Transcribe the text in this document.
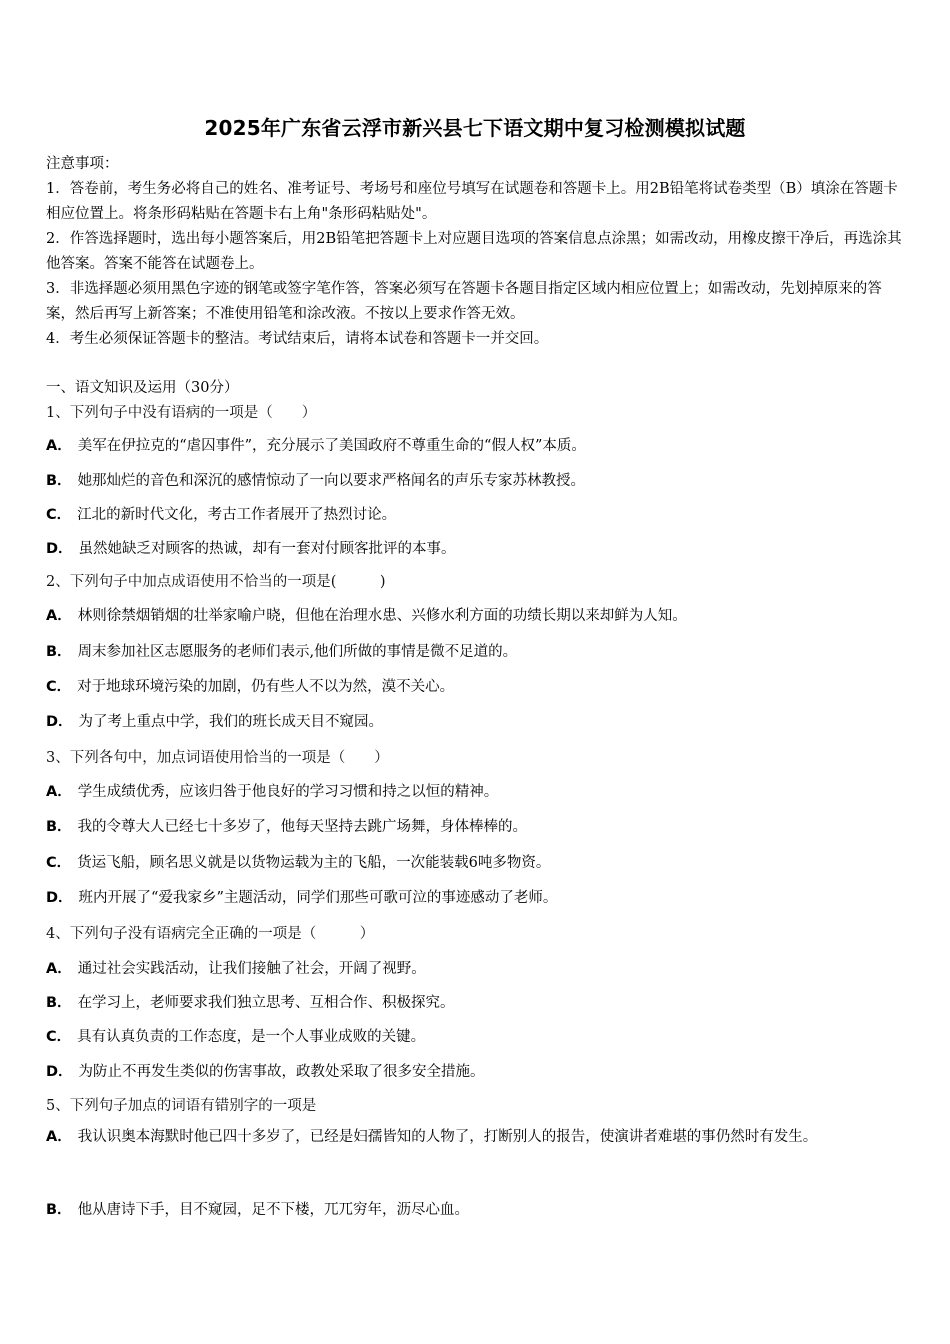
2025年广东省云浮市新兴县七下语文期中复习检测模拟试题

注意事项：

1．答卷前，考生务必将自己的姓名、准考证号、考场号和座位号填写在试题卷和答题卡上。用2B铅笔将试卷类型（B）填涂在答题卡相应位置上。将条形码粘贴在答题卡右上角"条形码粘贴处"。

2．作答选择题时，选出每小题答案后，用2B铅笔把答题卡上对应题目选项的答案信息点涂黑；如需改动，用橡皮擦干净后，再选涂其他答案。答案不能答在试题卷上。

3．非选择题必须用黑色字迹的钢笔或签字笔作答，答案必须写在答题卡各题目指定区域内相应位置上；如需改动，先划掉原来的答案，然后再写上新答案；不准使用铅笔和涂改液。不按以上要求作答无效。

4．考生必须保证答题卡的整洁。考试结束后，请将本试卷和答题卡一并交回。

一、语文知识及运用（30分）
1、下列句子中没有语病的一项是（　　）
A． 美军在伊拉克的“虐囚事件”，充分展示了美国政府不尊重生命的“假人权”本质。
B． 她那灿烂的音色和深沉的感情惊动了一向以要求严格闻名的声乐专家苏林教授。
C． 江北的新时代文化，考古工作者展开了热烈讨论。
D． 虽然她缺乏对顾客的热诚，却有一套对付顾客批评的本事。
2、下列句子中加点成语使用不恰当的一项是(　　　)
A． 林则徐禁烟销烟的壮举家喻户晓，但他在治理水患、兴修水利方面的功绩长期以来却鲜为人知。
B． 周末参加社区志愿服务的老师们表示,他们所做的事情是微不足道的。
C． 对于地球环境污染的加剧，仍有些人不以为然，漠不关心。
D． 为了考上重点中学，我们的班长成天目不窥园。
3、下列各句中，加点词语使用恰当的一项是（　　）
A． 学生成绩优秀，应该归咎于他良好的学习习惯和持之以恒的精神。
B． 我的令尊大人已经七十多岁了，他每天坚持去跳广场舞，身体棒棒的。
C． 货运飞船，顾名思义就是以货物运载为主的飞船，一次能装载6吨多物资。
D． 班内开展了“爱我家乡”主题活动，同学们那些可歌可泣的事迹感动了老师。
4、下列句子没有语病完全正确的一项是（　　　）
A． 通过社会实践活动，让我们接触了社会，开阔了视野。
B． 在学习上，老师要求我们独立思考、互相合作、积极探究。
C． 具有认真负责的工作态度，是一个人事业成败的关键。
D． 为防止不再发生类似的伤害事故，政教处采取了很多安全措施。
5、下列句子加点的词语有错别字的一项是
A． 我认识奥本海默时他已四十多岁了，已经是妇孺皆知的人物了，打断别人的报告，使演讲者难堪的事仍然时有发生。
B． 他从唐诗下手，目不窥园，足不下楼，兀兀穷年，沥尽心血。
